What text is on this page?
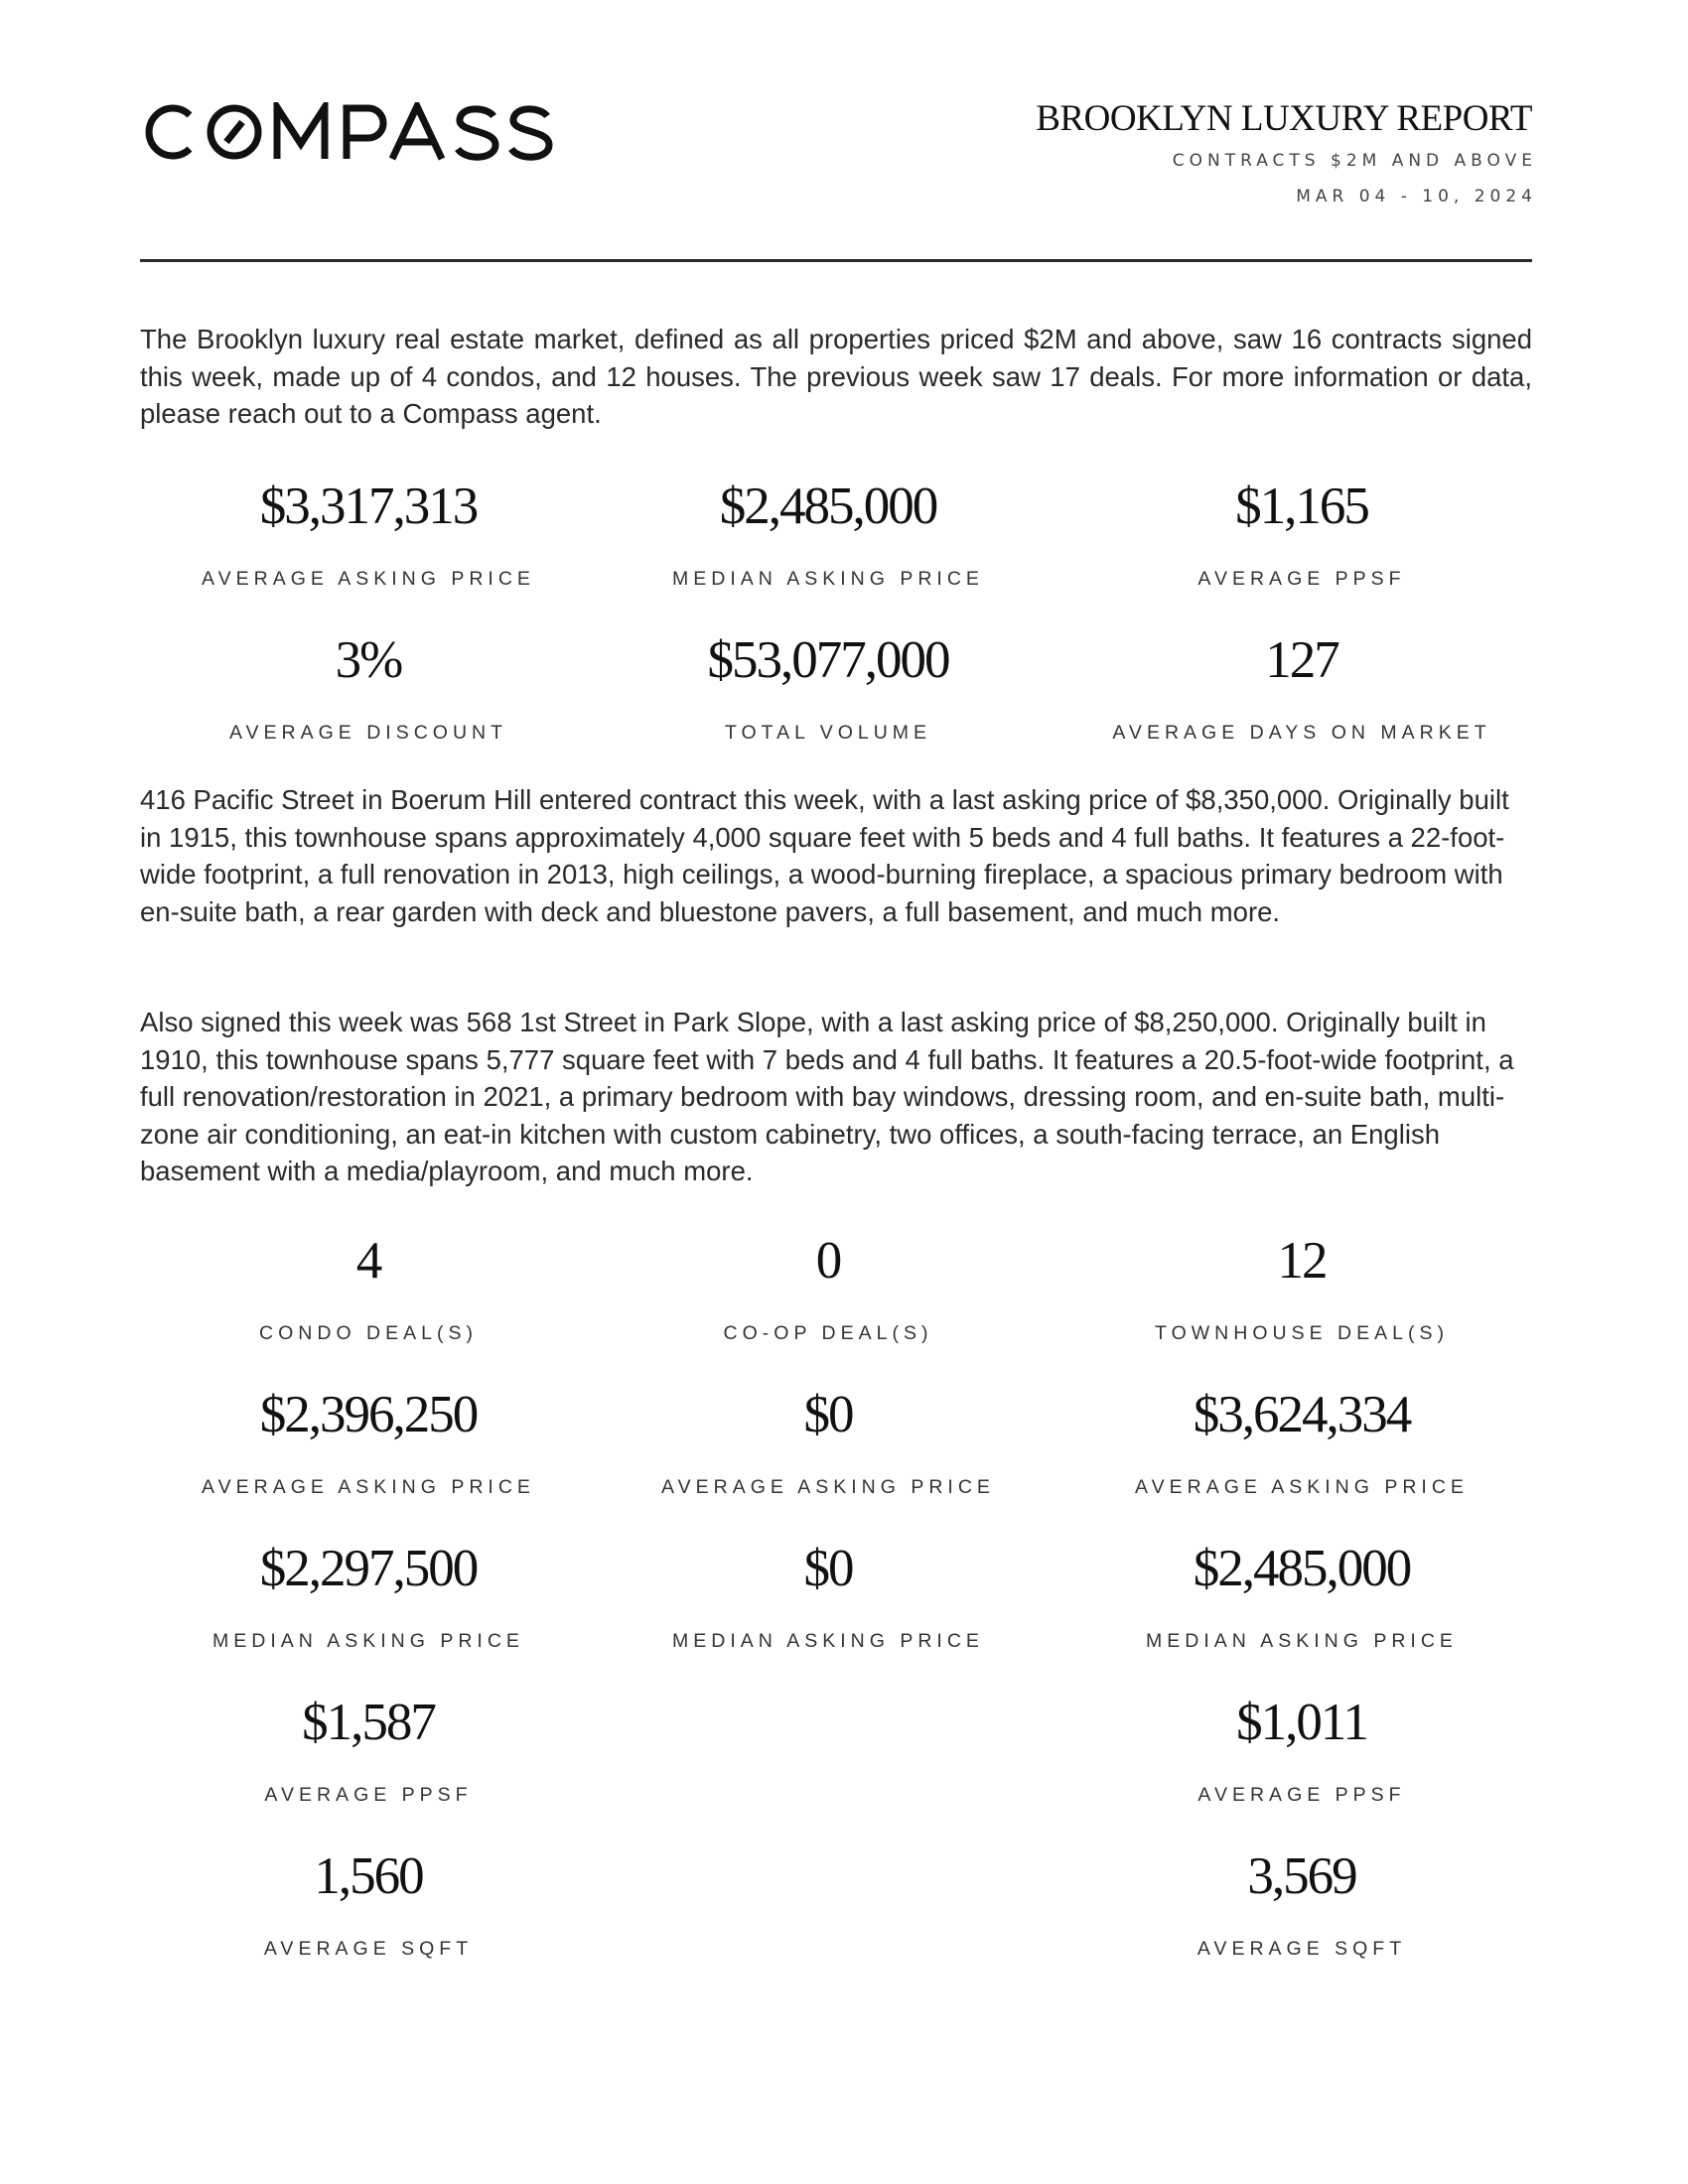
BROOKLYN LUXURY REPORT
CONTRACTS $2M AND ABOVE
MAR 04 - 10, 2024
The Brooklyn luxury real estate market, defined as all properties priced $2M and above, saw 16 contracts signed this week, made up of 4 condos, and 12 houses. The previous week saw 17 deals. For more information or data, please reach out to a Compass agent.
$3,317,313
AVERAGE ASKING PRICE
$2,485,000
MEDIAN ASKING PRICE
$1,165
AVERAGE PPSF
3%
AVERAGE DISCOUNT
$53,077,000
TOTAL VOLUME
127
AVERAGE DAYS ON MARKET
416 Pacific Street in Boerum Hill entered contract this week, with a last asking price of $8,350,000. Originally built in 1915, this townhouse spans approximately 4,000 square feet with 5 beds and 4 full baths. It features a 22-foot-wide footprint, a full renovation in 2013, high ceilings, a wood-burning fireplace, a spacious primary bedroom with en-suite bath, a rear garden with deck and bluestone pavers, a full basement, and much more.
Also signed this week was 568 1st Street in Park Slope, with a last asking price of $8,250,000. Originally built in 1910, this townhouse spans 5,777 square feet with 7 beds and 4 full baths. It features a 20.5-foot-wide footprint, a full renovation/restoration in 2021, a primary bedroom with bay windows, dressing room, and en-suite bath, multi-zone air conditioning, an eat-in kitchen with custom cabinetry, two offices, a south-facing terrace, an English basement with a media/playroom, and much more.
4
CONDO DEAL(S)
$2,396,250
AVERAGE ASKING PRICE
$2,297,500
MEDIAN ASKING PRICE
$1,587
AVERAGE PPSF
1,560
AVERAGE SQFT
0
CO-OP DEAL(S)
$0
AVERAGE ASKING PRICE
$0
MEDIAN ASKING PRICE
12
TOWNHOUSE DEAL(S)
$3,624,334
AVERAGE ASKING PRICE
$2,485,000
MEDIAN ASKING PRICE
$1,011
AVERAGE PPSF
3,569
AVERAGE SQFT
